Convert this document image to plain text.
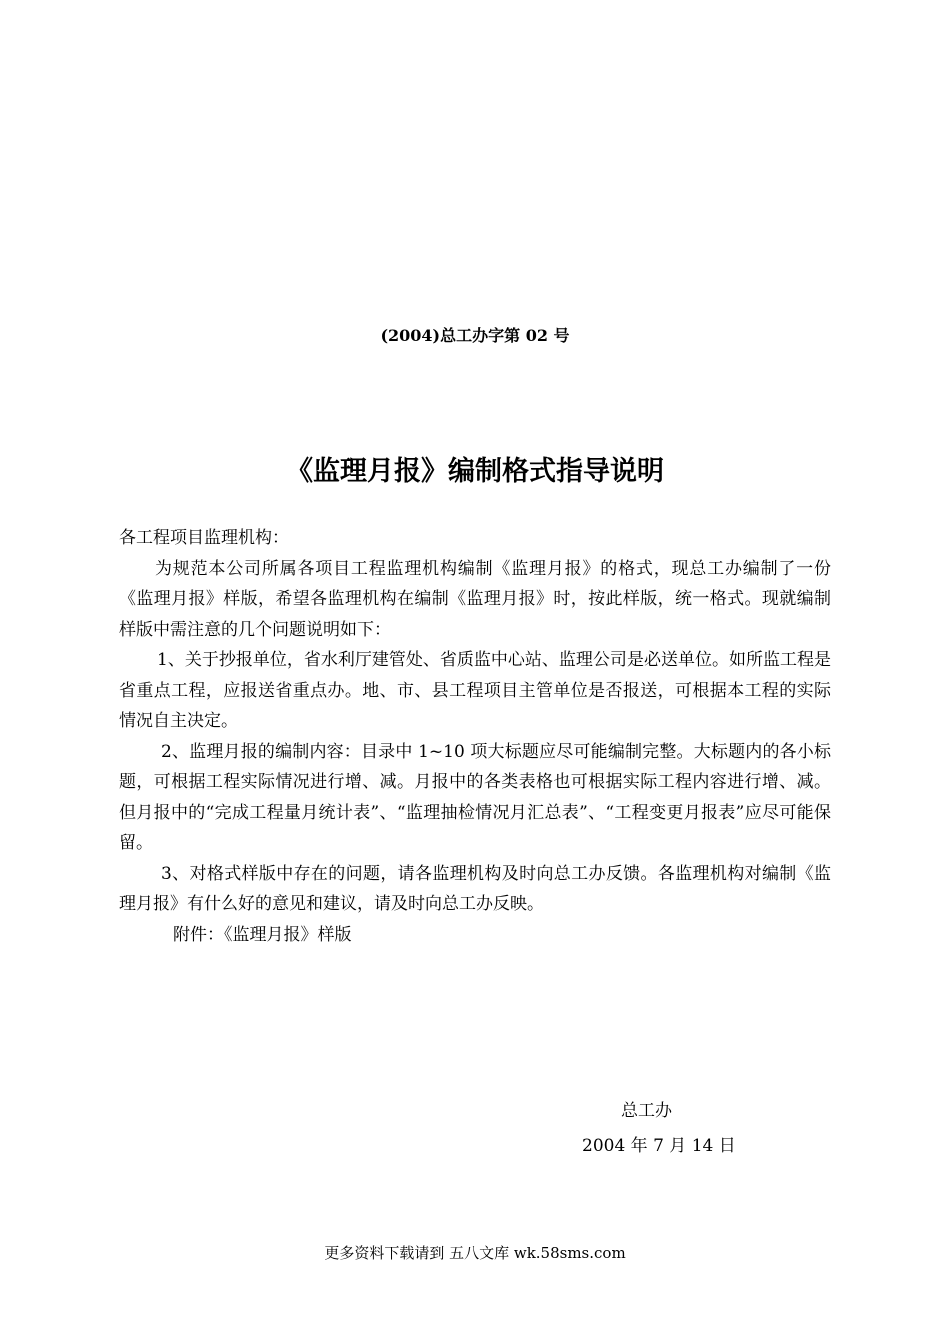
(2004)总工办字第 02 号
《监理月报》编制格式指导说明

各工程项目监理机构：

为规范本公司所属各项目工程监理机构编制《监理月报》的格式，现总工办编制了一份《监理月报》样版，希望各监理机构在编制《监理月报》时，按此样版，统一格式。现就编制样版中需注意的几个问题说明如下：

1、关于抄报单位，省水利厅建管处、省质监中心站、监理公司是必送单位。如所监工程是省重点工程，应报送省重点办。地、市、县工程项目主管单位是否报送，可根据本工程的实际情况自主决定。

2、监理月报的编制内容：目录中 1~10 项大标题应尽可能编制完整。大标题内的各小标题，可根据工程实际情况进行增、减。月报中的各类表格也可根据实际工程内容进行增、减。但月报中的“完成工程量月统计表”、“监理抽检情况月汇总表”、“工程变更月报表”应尽可能保留。

3、对格式样版中存在的问题，请各监理机构及时向总工办反馈。各监理机构对编制《监理月报》有什么好的意见和建议，请及时向总工办反映。

附件：《监理月报》样版

总工办
2004 年 7 月 14 日
更多资料下载请到 五八文库 wk.58sms.com
